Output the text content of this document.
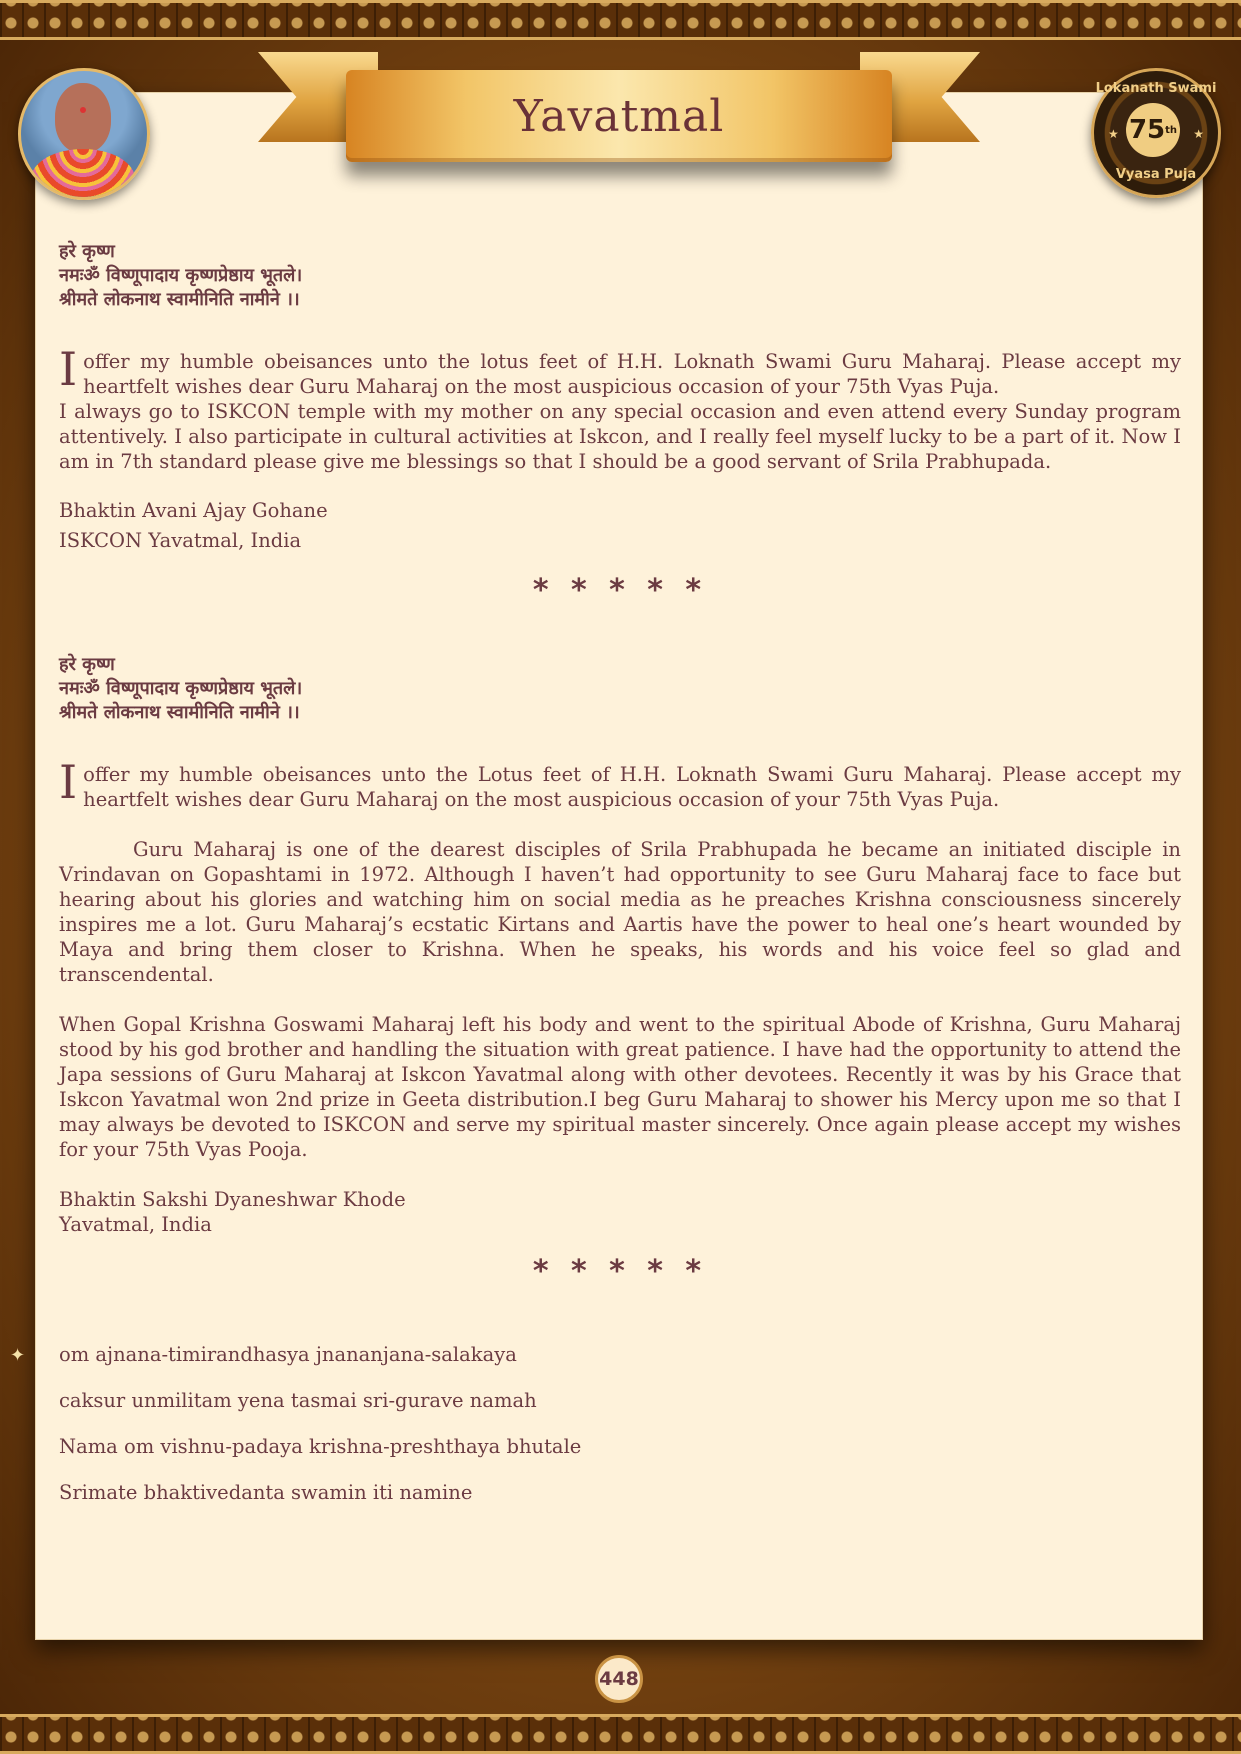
Yavatmal
Lokanath Swami
★	★
75 th
Vyasa Puja
हरे कृष्ण
नमःॐ विष्णूपादाय कृष्णप्रेष्ठाय भूतले।
श्रीमते लोकनाथ स्वामीनिति नामीने ।।

I offer my humble obeisances unto the lotus feet of H.H. Loknath Swami Guru Maharaj. Please accept my heartfelt wishes dear Guru Maharaj on the most auspicious occasion of your 75th Vyas Puja.

I always go to ISKCON temple with my mother on any special occasion and even attend every Sunday program attentively. I also participate in cultural activities at Iskcon, and I really feel myself lucky to be a part of it. Now I am in 7th standard please give me blessings so that I should be a good servant of Srila Prabhupada.

Bhaktin Avani Ajay Gohane

ISKCON Yavatmal, India

* * * * *
हरे कृष्ण
नमःॐ विष्णूपादाय कृष्णप्रेष्ठाय भूतले।
श्रीमते लोकनाथ स्वामीनिति नामीने ।।

I offer my humble obeisances unto the Lotus feet of H.H. Loknath Swami Guru Maharaj. Please accept my heartfelt wishes dear Guru Maharaj on the most auspicious occasion of your 75th Vyas Puja.

Guru Maharaj is one of the dearest disciples of Srila Prabhupada he became an initiated disciple in Vrindavan on Gopashtami in 1972. Although I haven’t had opportunity to see Guru Maharaj face to face but hearing about his glories and watching him on social media as he preaches Krishna consciousness sincerely inspires me a lot. Guru Maharaj’s ecstatic Kirtans and Aartis have the power to heal one’s heart wounded by Maya and bring them closer to Krishna. When he speaks, his words and his voice feel so glad and transcendental.

When Gopal Krishna Goswami Maharaj left his body and went to the spiritual Abode of Krishna, Guru Maharaj stood by his god brother and handling the situation with great patience. I have had the opportunity to attend the Japa sessions of Guru Maharaj at Iskcon Yavatmal along with other devotees. Recently it was by his Grace that Iskcon Yavatmal won 2nd prize in Geeta distribution.I beg Guru Maharaj to shower his Mercy upon me so that I may always be devoted to ISKCON and serve my spiritual master sincerely. Once again please accept my wishes for your 75th Vyas Pooja.

Bhaktin Sakshi Dyaneshwar Khode

Yavatmal, India

* * * * *

om ajnana-timirandhasya jnananjana-salakaya

caksur unmilitam yena tasmai sri-gurave namah

Nama om vishnu-padaya krishna-preshthaya bhutale

Srimate bhaktivedanta swamin iti namine

✦
448
